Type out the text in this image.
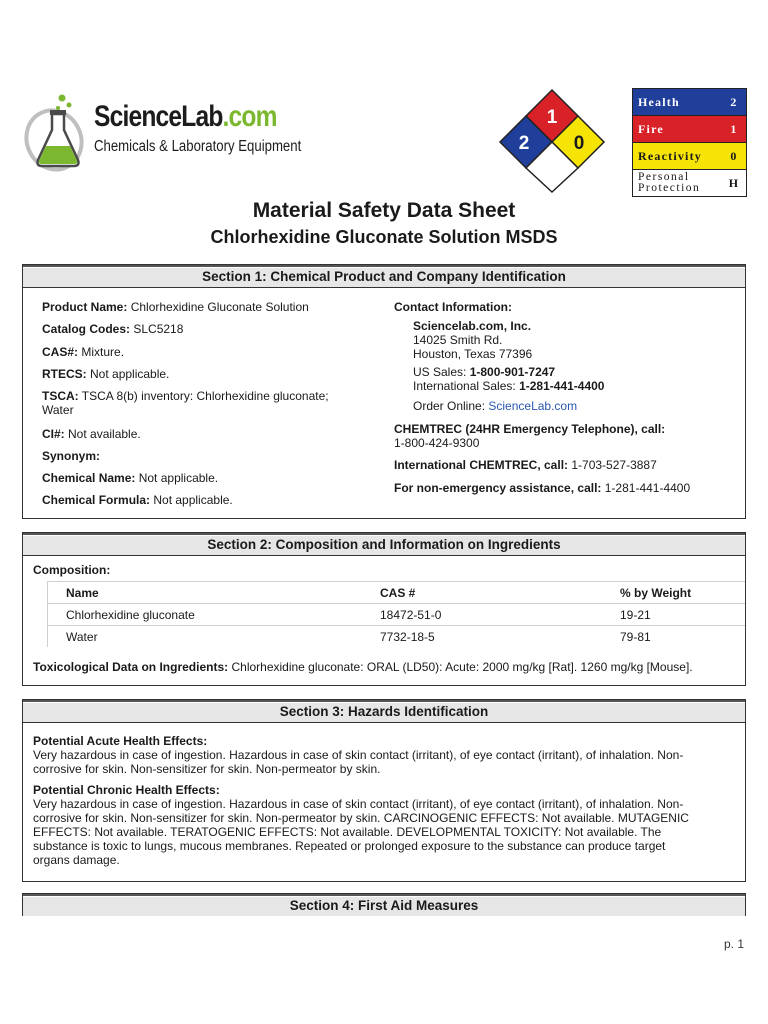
ScienceLab.com
Chemicals & Laboratory Equipment
1
2 0
Health	2
Fire	1
Reactivity	0
Personal
Protection	H
Material Safety Data Sheet
Chlorhexidine Gluconate Solution MSDS
Section 1: Chemical Product and Company Identification
Product Name: Chlorhexidine Gluconate Solution
Catalog Codes: SLC5218
CAS#: Mixture.
RTECS: Not applicable.
TSCA: TSCA 8(b) inventory: Chlorhexidine gluconate;
Water
CI#: Not available.
Synonym:
Chemical Name: Not applicable.
Chemical Formula: Not applicable.
Contact Information:
Sciencelab.com, Inc.
14025 Smith Rd.
Houston, Texas 77396
US Sales: 1-800-901-7247
International Sales: 1-281-441-4400
Order Online: ScienceLab.com
CHEMTREC (24HR Emergency Telephone), call:
1-800-424-9300
International CHEMTREC, call: 1-703-527-3887
For non-emergency assistance, call: 1-281-441-4400
Section 2: Composition and Information on Ingredients
Composition:
Name	CAS #	% by Weight
Chlorhexidine gluconate	18472-51-0	19-21
Water	7732-18-5	79-81
Toxicological Data on Ingredients: Chlorhexidine gluconate: ORAL (LD50): Acute: 2000 mg/kg [Rat]. 1260 mg/kg [Mouse].
Section 3: Hazards Identification
Potential Acute Health Effects:
Very hazardous in case of ingestion. Hazardous in case of skin contact (irritant), of eye contact (irritant), of inhalation. Non-
corrosive for skin. Non-sensitizer for skin. Non-permeator by skin.
Potential Chronic Health Effects:
Very hazardous in case of ingestion. Hazardous in case of skin contact (irritant), of eye contact (irritant), of inhalation. Non-
corrosive for skin. Non-sensitizer for skin. Non-permeator by skin. CARCINOGENIC EFFECTS: Not available. MUTAGENIC
EFFECTS: Not available. TERATOGENIC EFFECTS: Not available. DEVELOPMENTAL TOXICITY: Not available. The
substance is toxic to lungs, mucous membranes. Repeated or prolonged exposure to the substance can produce target
organs damage.
Section 4: First Aid Measures
p. 1
